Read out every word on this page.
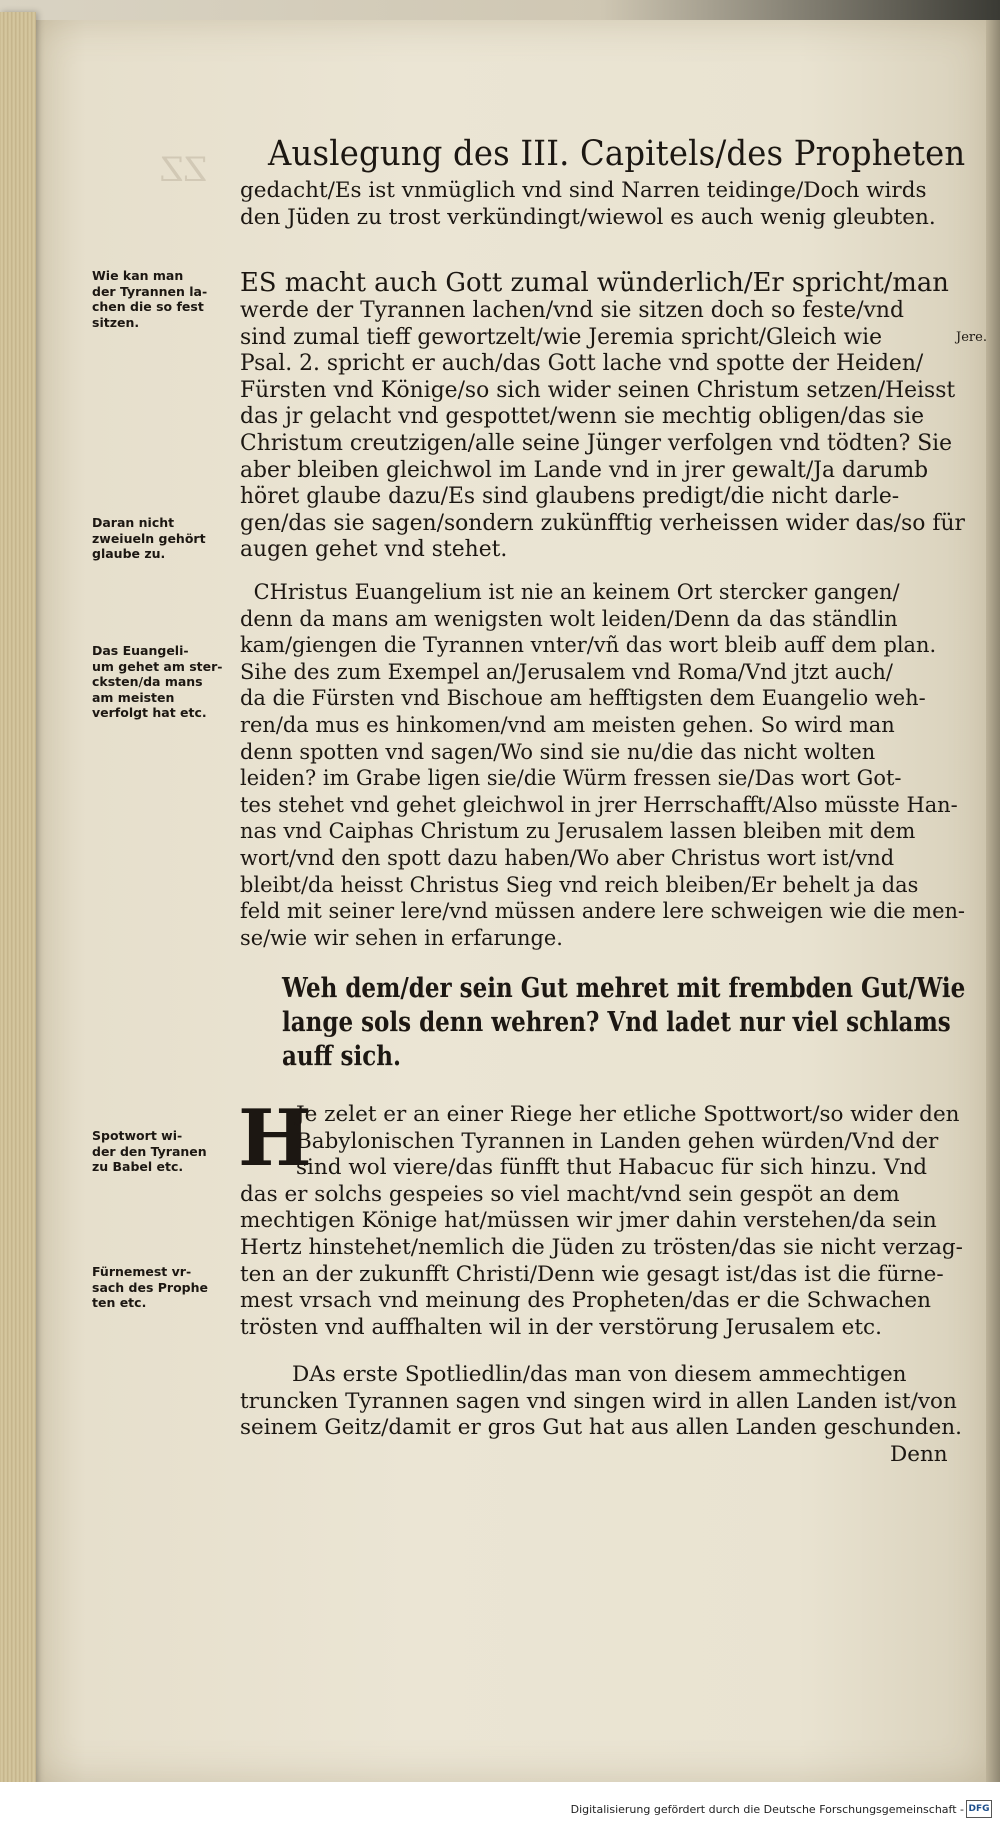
ZZ Auslegung des III. Capitels/des Propheten
gedacht/Es ist vnmüglich vnd sind Narren teidinge/Doch wirds
den Jüden zu trost verkündingt/wiewol es auch wenig gleubten.
ES macht auch Gott zumal wünderlich/Er spricht/man
werde der Tyrannen lachen/vnd sie sitzen doch so feste/vnd
sind zumal tieff gewortzelt/wie Jeremia spricht/Gleich wie
Psal. 2. spricht er auch/das Gott lache vnd spotte der Heiden/
Fürsten vnd Könige/so sich wider seinen Christum setzen/Heisst
das jr gelacht vnd gespottet/wenn sie mechtig obligen/das sie
Christum creutzigen/alle seine Jünger verfolgen vnd tödten? Sie
aber bleiben gleichwol im Lande vnd in jrer gewalt/Ja darumb
höret glaube dazu/Es sind glaubens predigt/die nicht darle-
gen/das sie sagen/sondern zukünfftig verheissen wider das/so für
augen gehet vnd stehet.
Jere.
CHristus Euangelium ist nie an keinem Ort stercker gangen/
denn da mans am wenigsten wolt leiden/Denn da das ständlin
kam/giengen die Tyrannen vnter/vñ das wort bleib auff dem plan.
Sihe des zum Exempel an/Jerusalem vnd Roma/Vnd jtzt auch/
da die Fürsten vnd Bischoue am hefftigsten dem Euangelio weh-
ren/da mus es hinkomen/vnd am meisten gehen. So wird man
denn spotten vnd sagen/Wo sind sie nu/die das nicht wolten
leiden? im Grabe ligen sie/die Würm fressen sie/Das wort Got-
tes stehet vnd gehet gleichwol in jrer Herrschafft/Also müsste Han-
nas vnd Caiphas Christum zu Jerusalem lassen bleiben mit dem
wort/vnd den spott dazu haben/Wo aber Christus wort ist/vnd
bleibt/da heisst Christus Sieg vnd reich bleiben/Er behelt ja das
feld mit seiner lere/vnd müssen andere lere schweigen wie die men-
se/wie wir sehen in erfarunge.
Weh dem/der sein Gut mehret mit frembden Gut/Wie
lange sols denn wehren? Vnd ladet nur viel schlams
auff sich.
H
Je zelet er an einer Riege her etliche Spottwort/so wider den
Babylonischen Tyrannen in Landen gehen würden/Vnd der
sind wol viere/das fünfft thut Habacuc für sich hinzu. Vnd
das er solchs gespeies so viel macht/vnd sein gespöt an dem
mechtigen Könige hat/müssen wir jmer dahin verstehen/da sein
Hertz hinstehet/nemlich die Jüden zu trösten/das sie nicht verzag-
ten an der zukunfft Christi/Denn wie gesagt ist/das ist die fürne-
mest vrsach vnd meinung des Propheten/das er die Schwachen
trösten vnd auffhalten wil in der verstörung Jerusalem etc.
DAs erste Spotliedlin/das man von diesem ammechtigen
truncken Tyrannen sagen vnd singen wird in allen Landen ist/von
seinem Geitz/damit er gros Gut hat aus allen Landen geschunden.
Denn
Wie kan man
der Tyrannen la-
chen die so fest
sitzen.
Daran nicht
zweiueln gehört
glaube zu.
Das Euangeli-
um gehet am ster-
cksten/da mans
am meisten
verfolgt hat etc.
Spotwort wi-
der den Tyranen
zu Babel etc.
Fürnemest vr-
sach des Prophe
ten etc.
Digitalisierung gefördert durch die Deutsche Forschungsgemeinschaft - DFG
